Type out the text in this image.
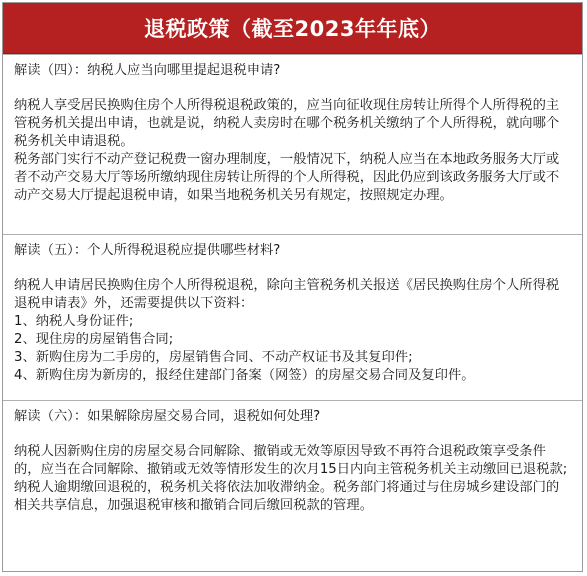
退税政策（截至2023年年底）

解读（四）：纳税人应当向哪里提起退税申请?

纳税人享受居民换购住房个人所得税退税政策的，应当向征收现住房转让所得个人所得税的主管税务机关提出申请，也就是说，纳税人卖房时在哪个税务机关缴纳了个人所得税，就向哪个税务机关申请退税。

税务部门实行不动产登记税费一窗办理制度，一般情况下，纳税人应当在本地政务服务大厅或者不动产交易大厅等场所缴纳现住房转让所得的个人所得税，因此仍应到该政务服务大厅或不动产交易大厅提起退税申请，如果当地税务机关另有规定，按照规定办理。

解读（五）：个人所得税退税应提供哪些材料?

纳税人申请居民换购住房个人所得税退税，除向主管税务机关报送《居民换购住房个人所得税退税申请表》外，还需要提供以下资料：

1、纳税人身份证件;

2、现住房的房屋销售合同;

3、新购住房为二手房的，房屋销售合同、不动产权证书及其复印件;

4、新购住房为新房的，报经住建部门备案（网签）的房屋交易合同及复印件。

解读（六）：如果解除房屋交易合同，退税如何处理?

纳税人因新购住房的房屋交易合同解除、撤销或无效等原因导致不再符合退税政策享受条件的，应当在合同解除、撤销或无效等情形发生的次月15日内向主管税务机关主动缴回已退税款;

纳税人逾期缴回退税的，税务机关将依法加收滞纳金。税务部门将通过与住房城乡建设部门的相关共享信息，加强退税审核和撤销合同后缴回税款的管理。
